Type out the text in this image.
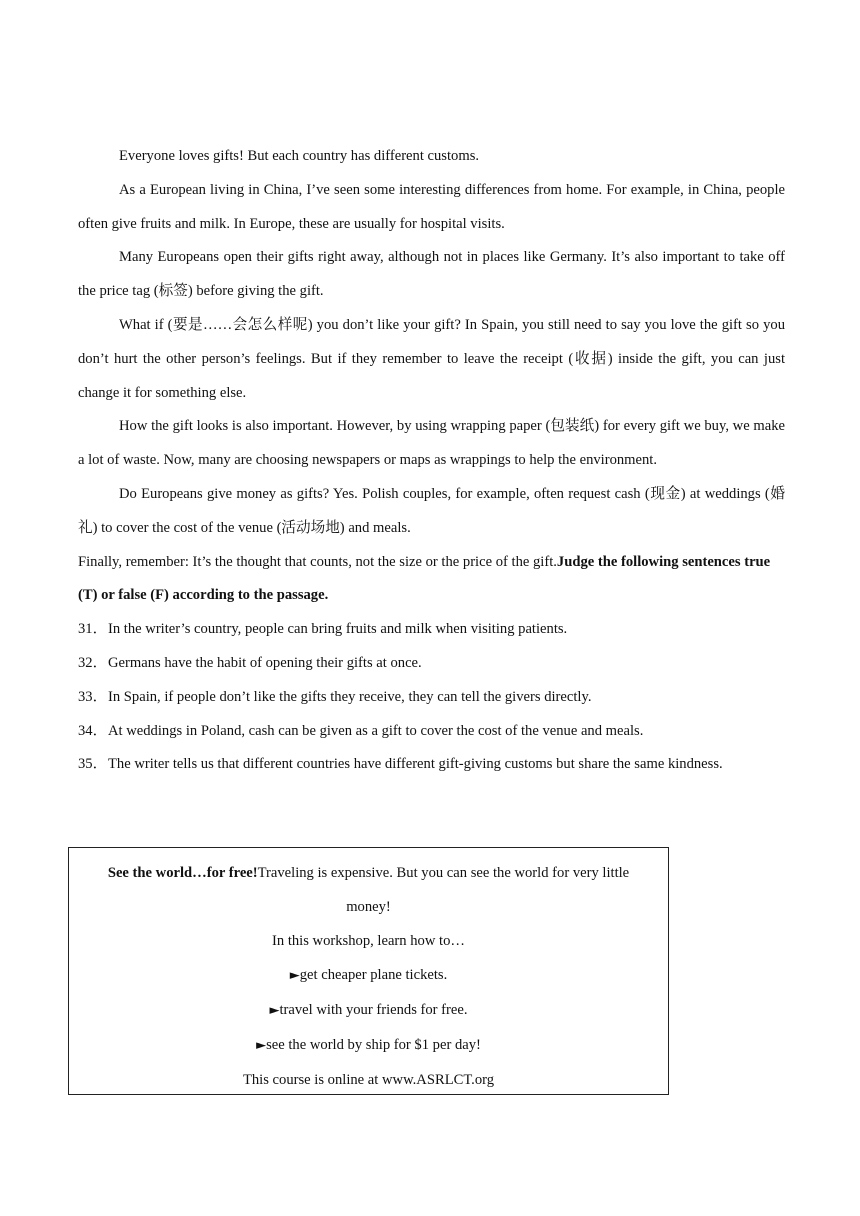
Everyone loves gifts! But each country has different customs.

As a European living in China, I’ve seen some interesting differences from home. For example, in China, people often give fruits and milk. In Europe, these are usually for hospital visits.

Many Europeans open their gifts right away, although not in places like Germany. It’s also important to take off the price tag (标签) before giving the gift.

What if (要是……会怎么样呢) you don’t like your gift? In Spain, you still need to say you love the gift so you don’t hurt the other person’s feelings. But if they remember to leave the receipt (收据) inside the gift, you can just change it for something else.

How the gift looks is also important. However, by using wrapping paper (包装纸) for every gift we buy, we make a lot of waste. Now, many are choosing newspapers or maps as wrappings to help the environment.

Do Europeans give money as gifts? Yes. Polish couples, for example, often request cash (现金) at weddings (婚礼) to cover the cost of the venue (活动场地) and meals.

Finally, remember: It’s the thought that counts, not the size or the price of the gift.Judge the following sentences true (T) or false (F) according to the passage.

31．In the writer’s country, people can bring fruits and milk when visiting patients.
32．Germans have the habit of opening their gifts at once.
33．In Spain, if people don’t like the gifts they receive, they can tell the givers directly.
34．At weddings in Poland, cash can be given as a gift to cover the cost of the venue and meals.
35．The writer tells us that different countries have different gift-giving customs but share the same kindness.

See the world…for free!Traveling is expensive. But you can see the world for very little money!

In this workshop, learn how to…

►get cheaper plane tickets.

►travel with your friends for free.

►see the world by ship for $1 per day!

This course is online at www.ASRLCT.org
